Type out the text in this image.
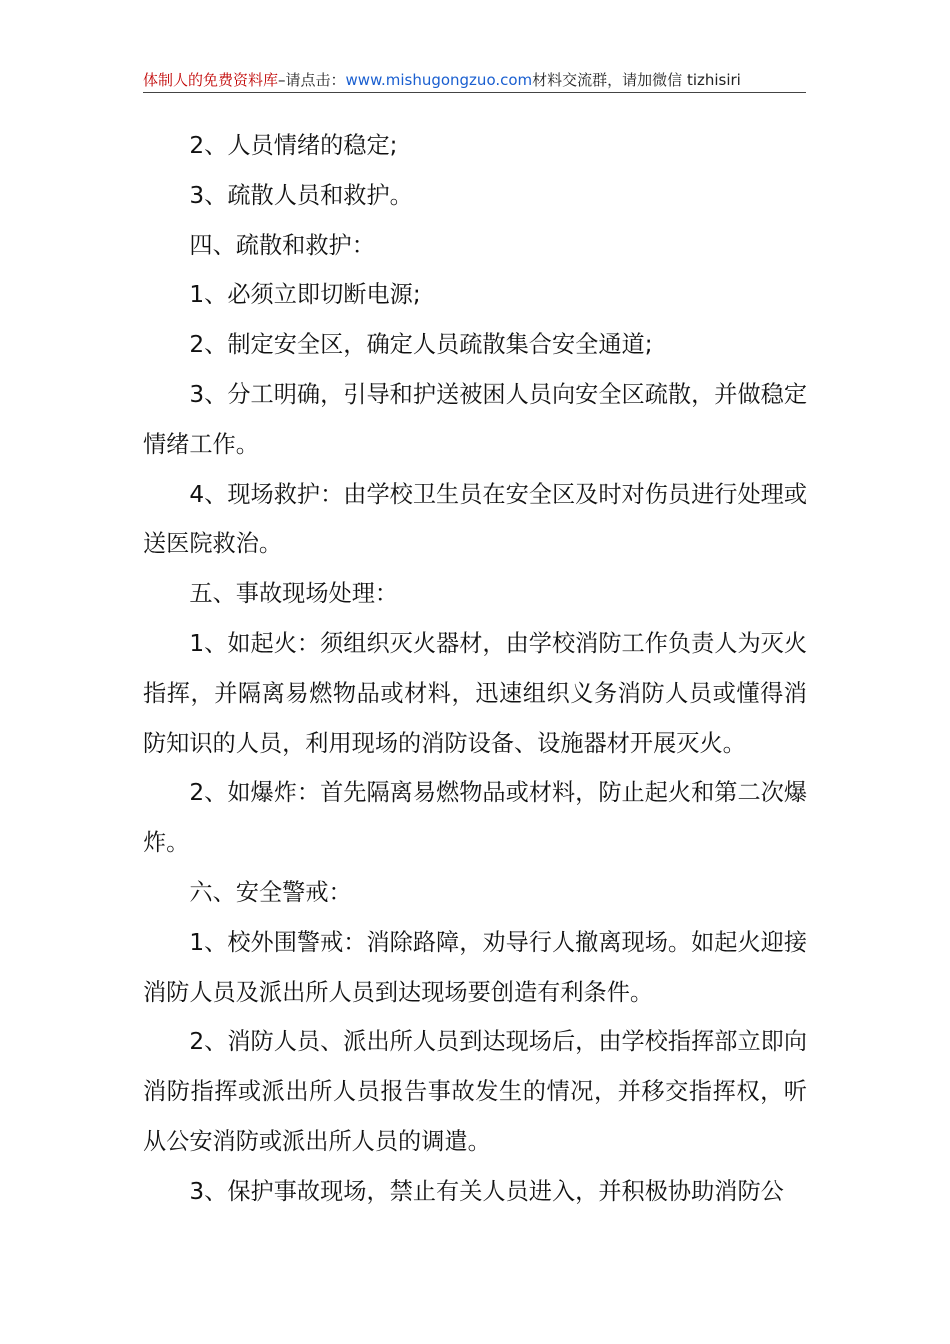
体制人的免费资料库–请点击：www.mishugongzuo.com材料交流群，请加微信 tizhisiri

2、人员情绪的稳定;

3、疏散人员和救护。

四、疏散和救护：

1、必须立即切断电源;

2、制定安全区，确定人员疏散集合安全通道;

3、分工明确，引导和护送被困人员向安全区疏散，并做稳定情绪工作。

4、现场救护：由学校卫生员在安全区及时对伤员进行处理或送医院救治。

五、事故现场处理：

1、如起火：须组织灭火器材，由学校消防工作负责人为灭火指挥，并隔离易燃物品或材料，迅速组织义务消防人员或懂得消防知识的人员，利用现场的消防设备、设施器材开展灭火。

2、如爆炸：首先隔离易燃物品或材料，防止起火和第二次爆炸。

六、安全警戒：

1、校外围警戒：消除路障，劝导行人撤离现场。如起火迎接消防人员及派出所人员到达现场要创造有利条件。

2、消防人员、派出所人员到达现场后，由学校指挥部立即向消防指挥或派出所人员报告事故发生的情况，并移交指挥权，听从公安消防或派出所人员的调遣。

3、保护事故现场，禁止有关人员进入，并积极协助消防公
